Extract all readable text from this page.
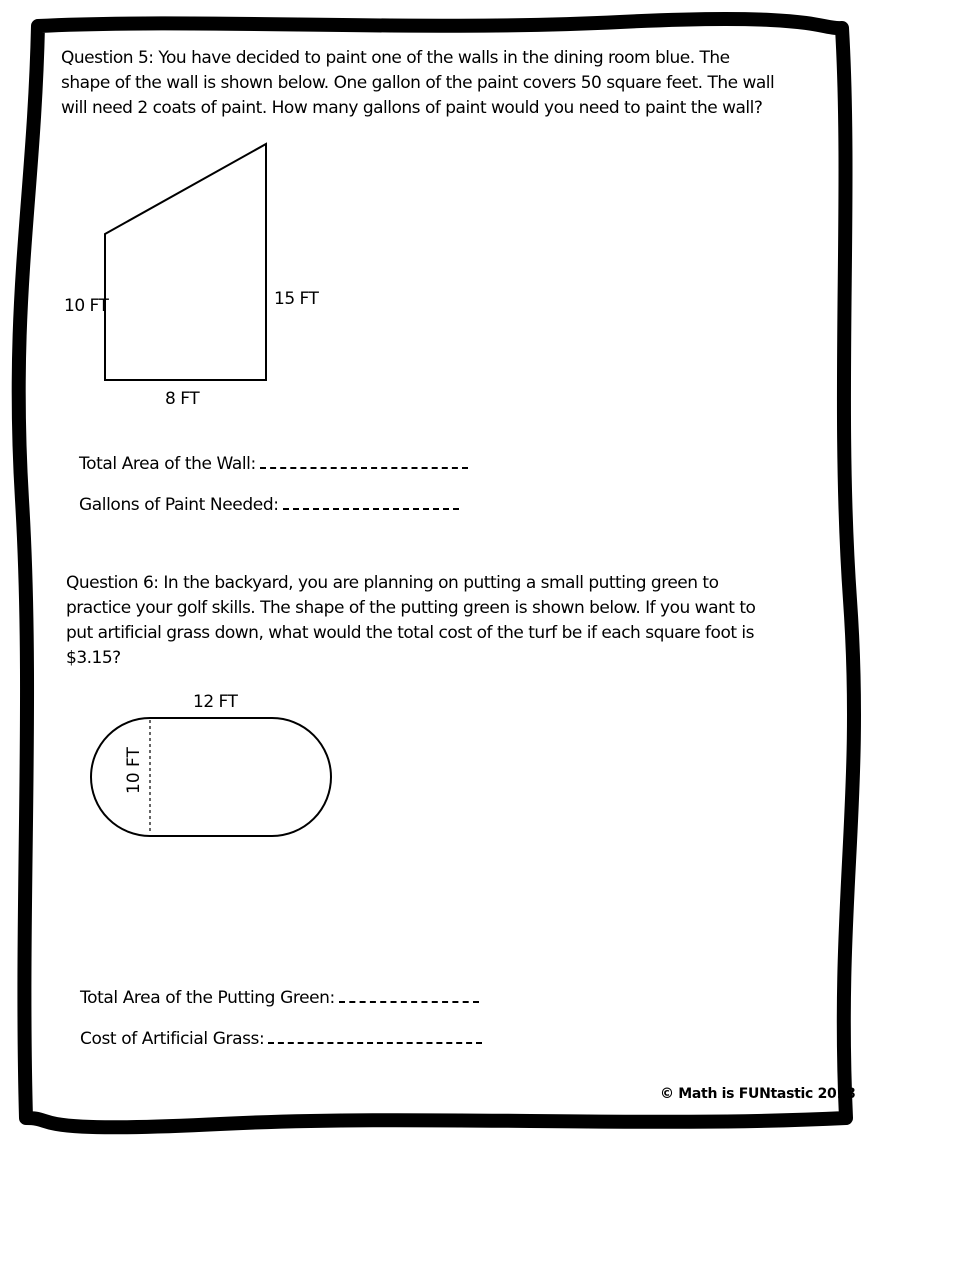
Question 5: You have decided to paint one of the walls in the dining room blue. The shape of the wall is shown below. One gallon of the paint covers 50 square feet. The wall will need 2 coats of paint. How many gallons of paint would you need to paint the wall?

10 FT	15 FT
8 FT
Total Area of the Wall:
Gallons of Paint Needed:

Question 6: In the backyard, you are planning on putting a small putting green to practice your golf skills. The shape of the putting green is shown below. If you want to put artificial grass down, what would the total cost of the turf be if each square foot is $3.15?

10 FT
12 FT
Total Area of the Putting Green:
Cost of Artificial Grass:
© Math is FUNtastic 2018
